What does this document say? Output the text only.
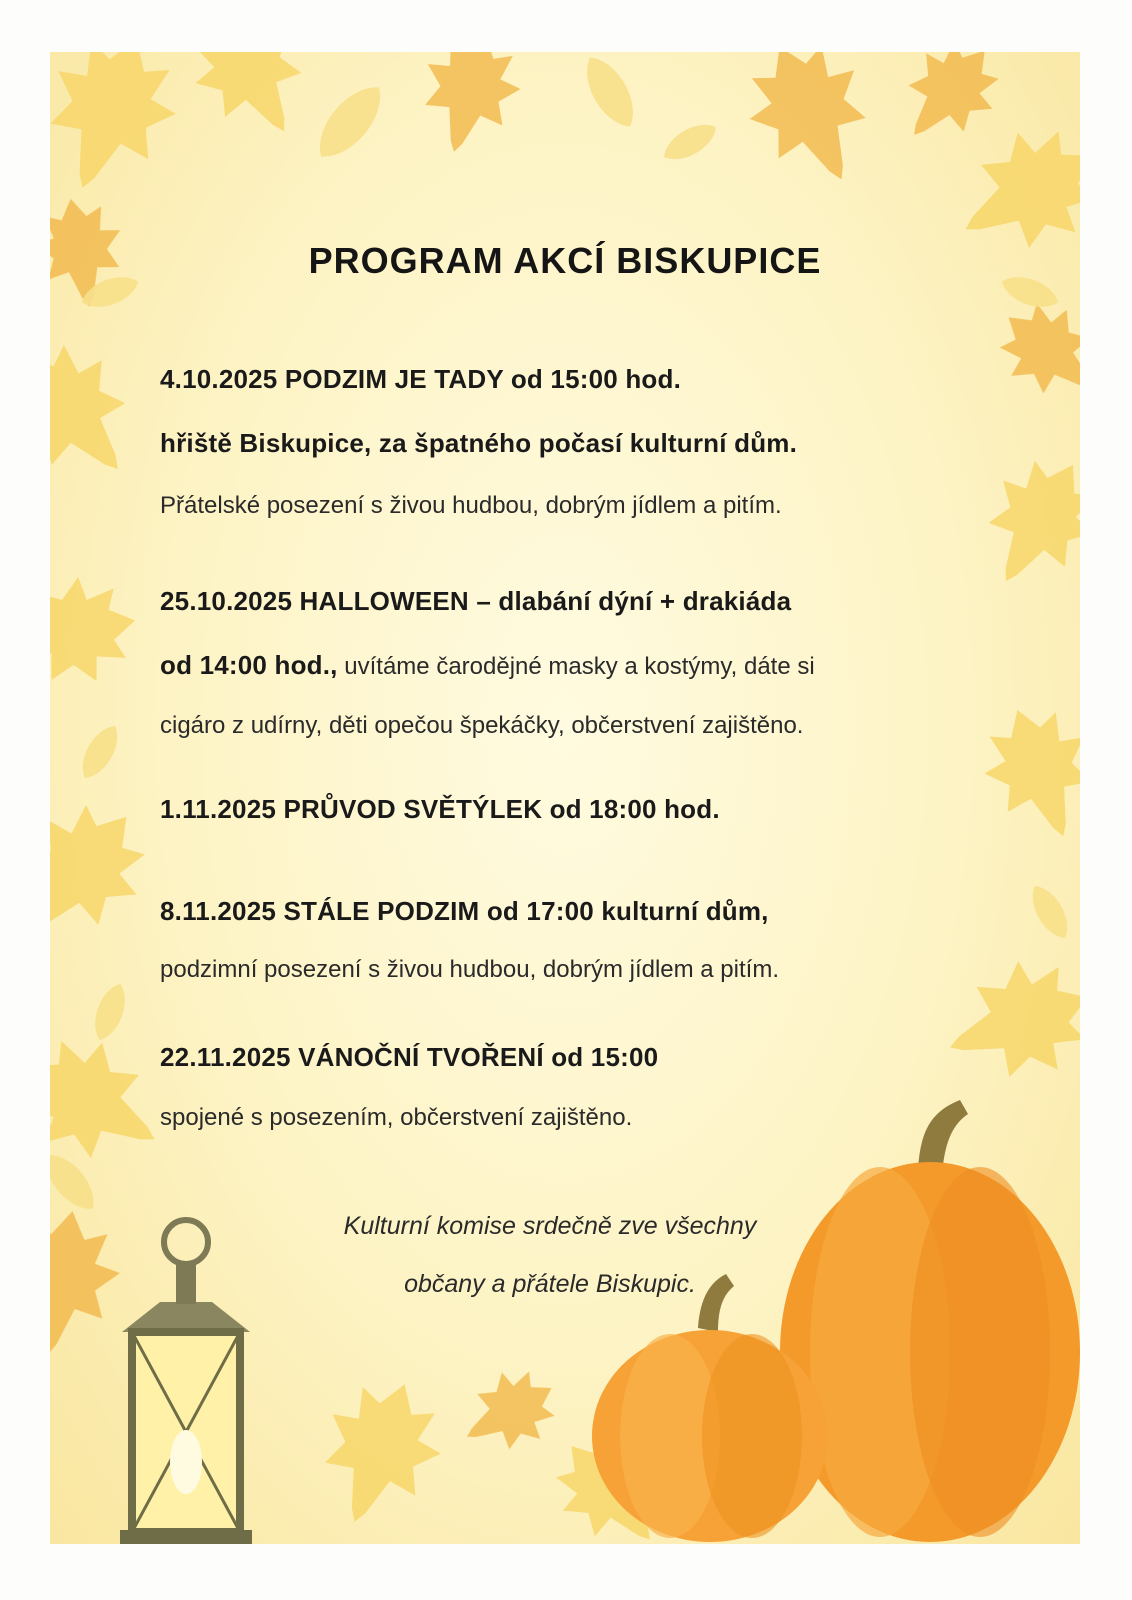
PROGRAM AKCÍ BISKUPICE

4.10.2025 PODZIM JE TADY od 15:00 hod.

hřiště Biskupice, za špatného počasí kulturní dům.

Přátelské posezení s živou hudbou, dobrým jídlem a pitím.

25.10.2025 HALLOWEEN – dlabání dýní + drakiáda

od 14:00 hod., uvítáme čarodějné masky a kostýmy, dáte si

cigáro z udírny, děti opečou špekáčky, občerstvení zajištěno.

1.11.2025 PRŮVOD SVĚTÝLEK od 18:00 hod.

8.11.2025 STÁLE PODZIM od 17:00 kulturní dům,

podzimní posezení s živou hudbou, dobrým jídlem a pitím.

22.11.2025 VÁNOČNÍ TVOŘENÍ od 15:00

spojené s posezením, občerstvení zajištěno.

Kulturní komise srdečně zve všechny

občany a přátele Biskupic.
